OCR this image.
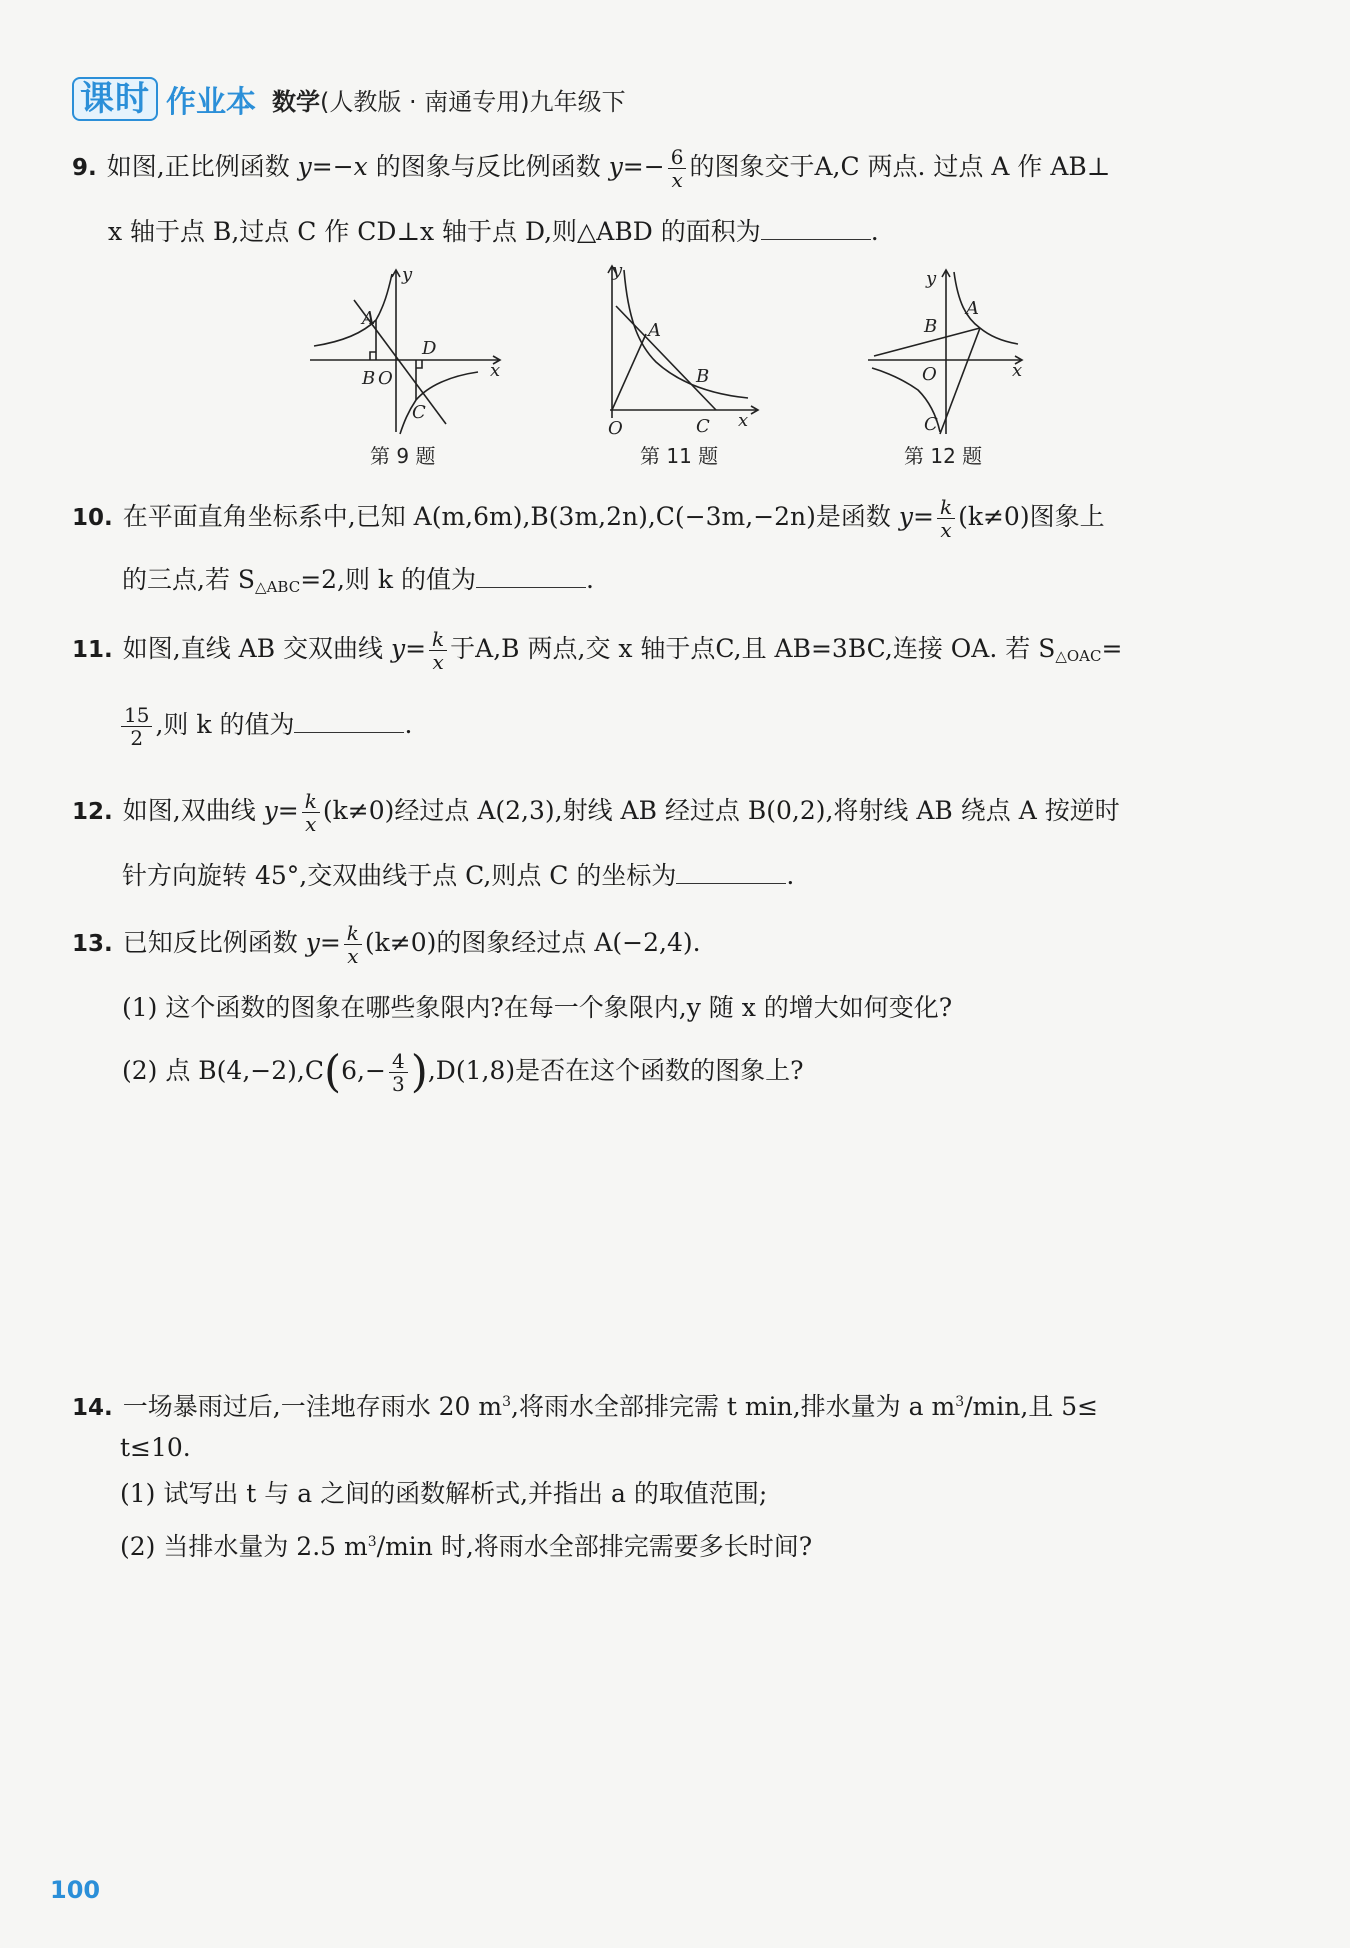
课时 作业本 数学(人教版 · 南通专用)九年级下
9. 如图,正比例函数 y=−x 的图象与反比例函数 $y=- \frac{6}{x}$ 的图象交于A,C 两点. 过点 A 作 AB⊥
x 轴于点 B,过点 C 作 CD⊥x 轴于点 D,则△ABD 的面积为	.
y
x
A
B O
D
C
第 9 题
y
x
A
B
O	C
第 11 题
y
x
A
B
O
C
第 12 题
10. 在平面直角坐标系中,已知 A(m,6m),B(3m,2n),C(−3m,−2n)是函数 $y= \frac{k}{x} (k\ne 0)$图象上
的三点,若 $S_{\triangle ABC}=2$,则 k 的值为	.
11. 如图,直线 AB 交双曲线 $y= \frac{k}{x}$ 于A,B 两点,交 x 轴于点C,且 AB=3BC,连接 OA. 若 $S_{\triangle OAC}=$
$\frac{15}{2}$ ,则 k 的值为	.
12. 如图,双曲线 $y= \frac{k}{x} (k\ne 0)$经过点 A(2,3),射线 AB 经过点 B(0,2),将射线 AB 绕点 A 按逆时
针方向旋转 45°,交双曲线于点 C,则点 C 的坐标为	.
13. 已知反比例函数 $y= \frac{k}{x} (k\ne 0)$的图象经过点 A(−2,4).
(1) 这个函数的图象在哪些象限内?在每一个象限内,y 随 x 的增大如何变化?
(2) 点 $B(4,-2),C(6,- \frac{4}{3} ),D(1,8)$是否在这个函数的图象上?
14. 一场暴雨过后,一洼地存雨水 20 $m^3$,将雨水全部排完需 t min,排水量为 a $m^3/\min$,且 5≤
t≤10.
(1) 试写出 t 与 a 之间的函数解析式,并指出 a 的取值范围;
(2) 当排水量为 2.5 $m^3/\min$ 时,将雨水全部排完需要多长时间?
100
